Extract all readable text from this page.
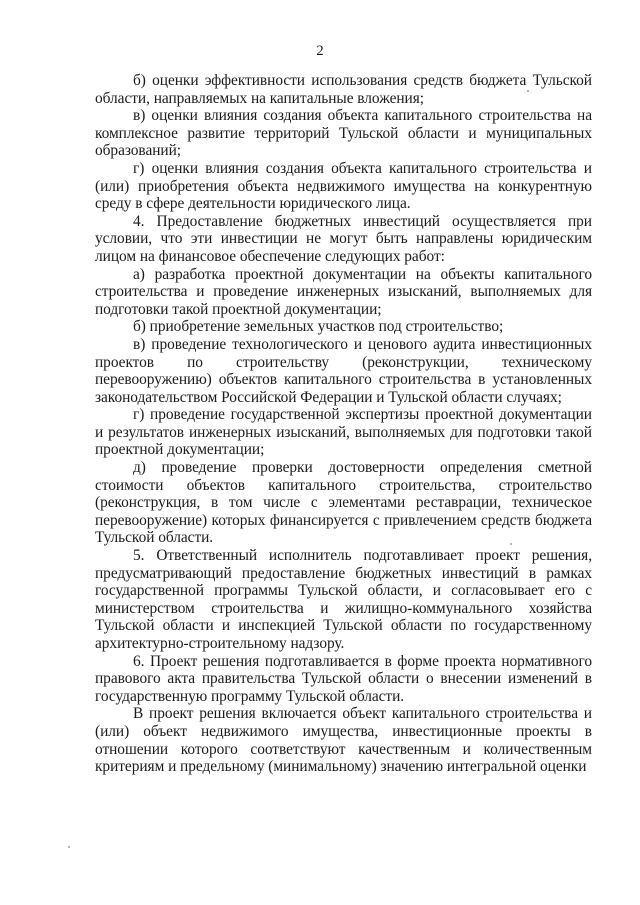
2

б) оценки эффективности использования средств бюджета Тульской области, направляемых на капитальные вложения;

в) оценки влияния создания объекта капитального строительства на комплексное развитие территорий Тульской области и муниципальных образований;

г) оценки влияния создания объекта капитального строительства и (или) приобретения объекта недвижимого имущества на конкурентную среду в сфере деятельности юридического лица.

4. Предоставление бюджетных инвестиций осуществляется при условии, что эти инвестиции не могут быть направлены юридическим лицом на финансовое обеспечение следующих работ:

а) разработка проектной документации на объекты капитального строительства и проведение инженерных изысканий, выполняемых для подготовки такой проектной документации;

б) приобретение земельных участков под строительство;

в) проведение технологического и ценового аудита инвестиционных проектов по строительству (реконструкции, техническому перевооружению) объектов капитального строительства в установленных законодательством Российской Федерации и Тульской области случаях;

г) проведение государственной экспертизы проектной документации и результатов инженерных изысканий, выполняемых для подготовки такой проектной документации;

д) проведение проверки достоверности определения сметной стоимости объектов капитального строительства, строительство (реконструкция, в том числе с элементами реставрации, техническое перевооружение) которых финансируется с привлечением средств бюджета Тульской области.

5. Ответственный исполнитель подготавливает проект решения, предусматривающий предоставление бюджетных инвестиций в рамках государственной программы Тульской области, и согласовывает его с министерством строительства и жилищно-коммунального хозяйства Тульской области и инспекцией Тульской области по государственному архитектурно-строительному надзору.

6. Проект решения подготавливается в форме проекта нормативного правового акта правительства Тульской области о внесении изменений в государственную программу Тульской области.

В проект решения включается объект капитального строительства и (или) объект недвижимого имущества, инвестиционные проекты в отношении которого соответствуют качественным и количественным критериям и предельному (минимальному) значению интегральной оценки
